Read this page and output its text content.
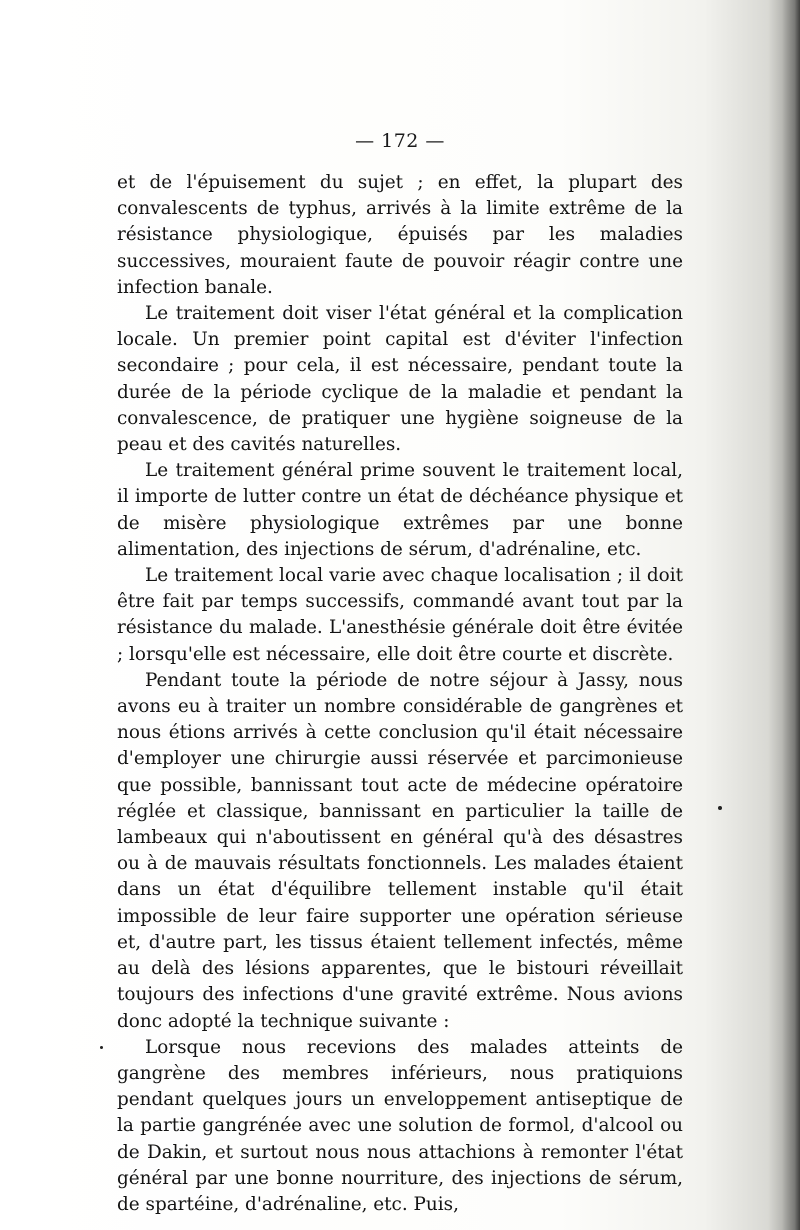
— 172 —

et de l'épuisement du sujet ; en effet, la plupart des convalescents de typhus, arrivés à la limite extrême de la résistance physiologique, épuisés par les maladies successives, mouraient faute de pouvoir réagir contre une infection banale.

Le traitement doit viser l'état général et la complication locale. Un premier point capital est d'éviter l'infection secondaire ; pour cela, il est nécessaire, pendant toute la durée de la période cyclique de la maladie et pendant la convalescence, de pratiquer une hygiène soigneuse de la peau et des cavités naturelles.

Le traitement général prime souvent le traitement local, il importe de lutter contre un état de déchéance physique et de misère physiologique extrêmes par une bonne alimentation, des injections de sérum, d'adrénaline, etc.

Le traitement local varie avec chaque localisation ; il doit être fait par temps successifs, commandé avant tout par la résistance du malade. L'anesthésie générale doit être évitée ; lorsqu'elle est nécessaire, elle doit être courte et discrète.

Pendant toute la période de notre séjour à Jassy, nous avons eu à traiter un nombre considérable de gangrènes et nous étions arrivés à cette conclusion qu'il était nécessaire d'employer une chirurgie aussi réservée et parcimonieuse que possible, bannissant tout acte de médecine opératoire réglée et classique, bannissant en particulier la taille de lambeaux qui n'aboutissent en général qu'à des désastres ou à de mauvais résultats fonctionnels. Les malades étaient dans un état d'équilibre tellement instable qu'il était impossible de leur faire supporter une opération sérieuse et, d'autre part, les tissus étaient tellement infectés, même au delà des lésions apparentes, que le bistouri réveillait toujours des infections d'une gravité extrême. Nous avions donc adopté la technique suivante :

Lorsque nous recevions des malades atteints de gangrène des membres inférieurs, nous pratiquions pendant quelques jours un enveloppement antiseptique de la partie gangrénée avec une solution de formol, d'alcool ou de Dakin, et surtout nous nous attachions à remonter l'état général par une bonne nourriture, des injections de sérum, de spartéine, d'adrénaline, etc. Puis,
